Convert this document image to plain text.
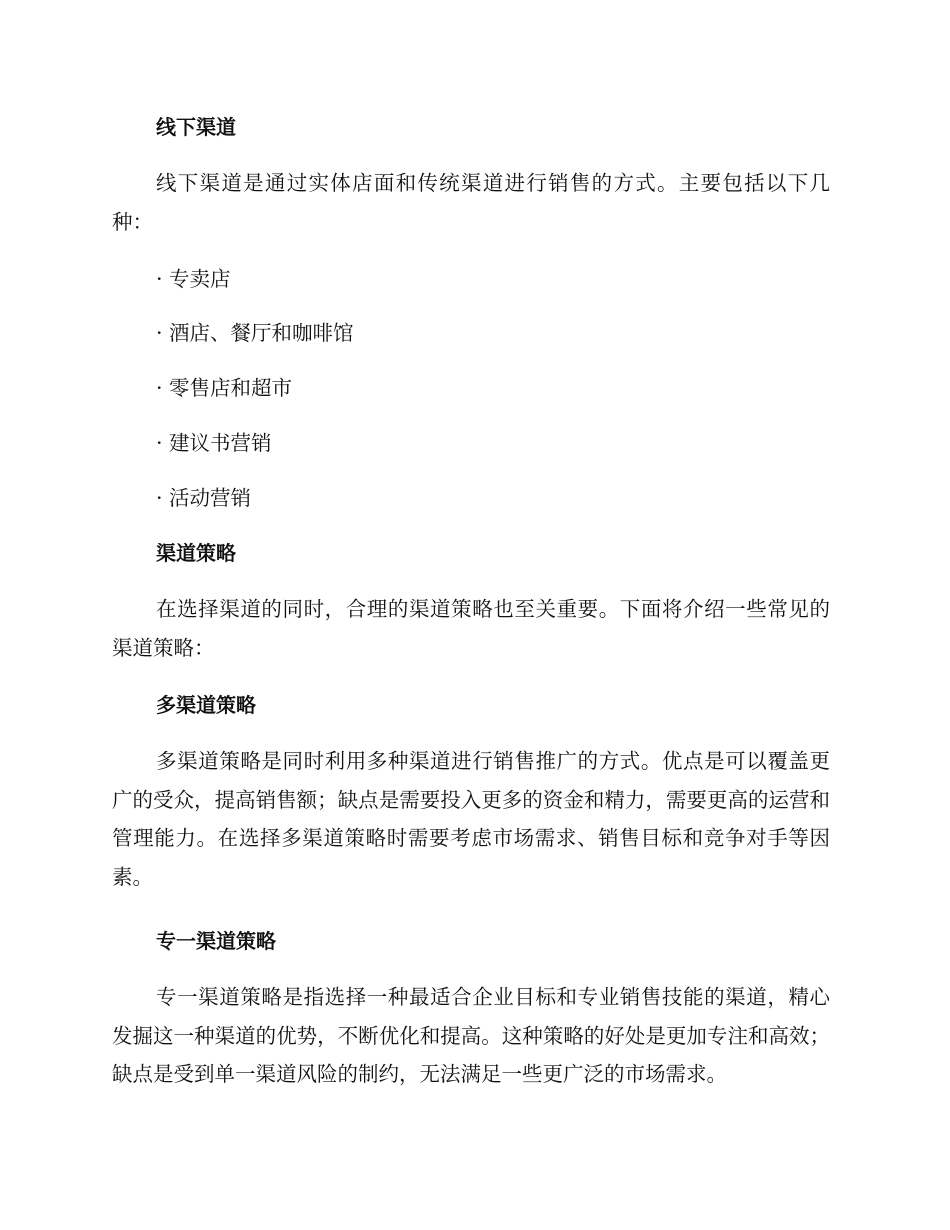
线下渠道
线下渠道是通过实体店面和传统渠道进行销售的方式。主要包括以下几种：
· 专卖店
· 酒店、餐厅和咖啡馆
· 零售店和超市
· 建议书营销
· 活动营销
渠道策略
在选择渠道的同时，合理的渠道策略也至关重要。下面将介绍一些常见的渠道策略：
多渠道策略
多渠道策略是同时利用多种渠道进行销售推广的方式。优点是可以覆盖更广的受众，提高销售额；缺点是需要投入更多的资金和精力，需要更高的运营和管理能力。在选择多渠道策略时需要考虑市场需求、销售目标和竞争对手等因素。
专一渠道策略
专一渠道策略是指选择一种最适合企业目标和专业销售技能的渠道，精心发掘这一种渠道的优势，不断优化和提高。这种策略的好处是更加专注和高效；缺点是受到单一渠道风险的制约，无法满足一些更广泛的市场需求。
